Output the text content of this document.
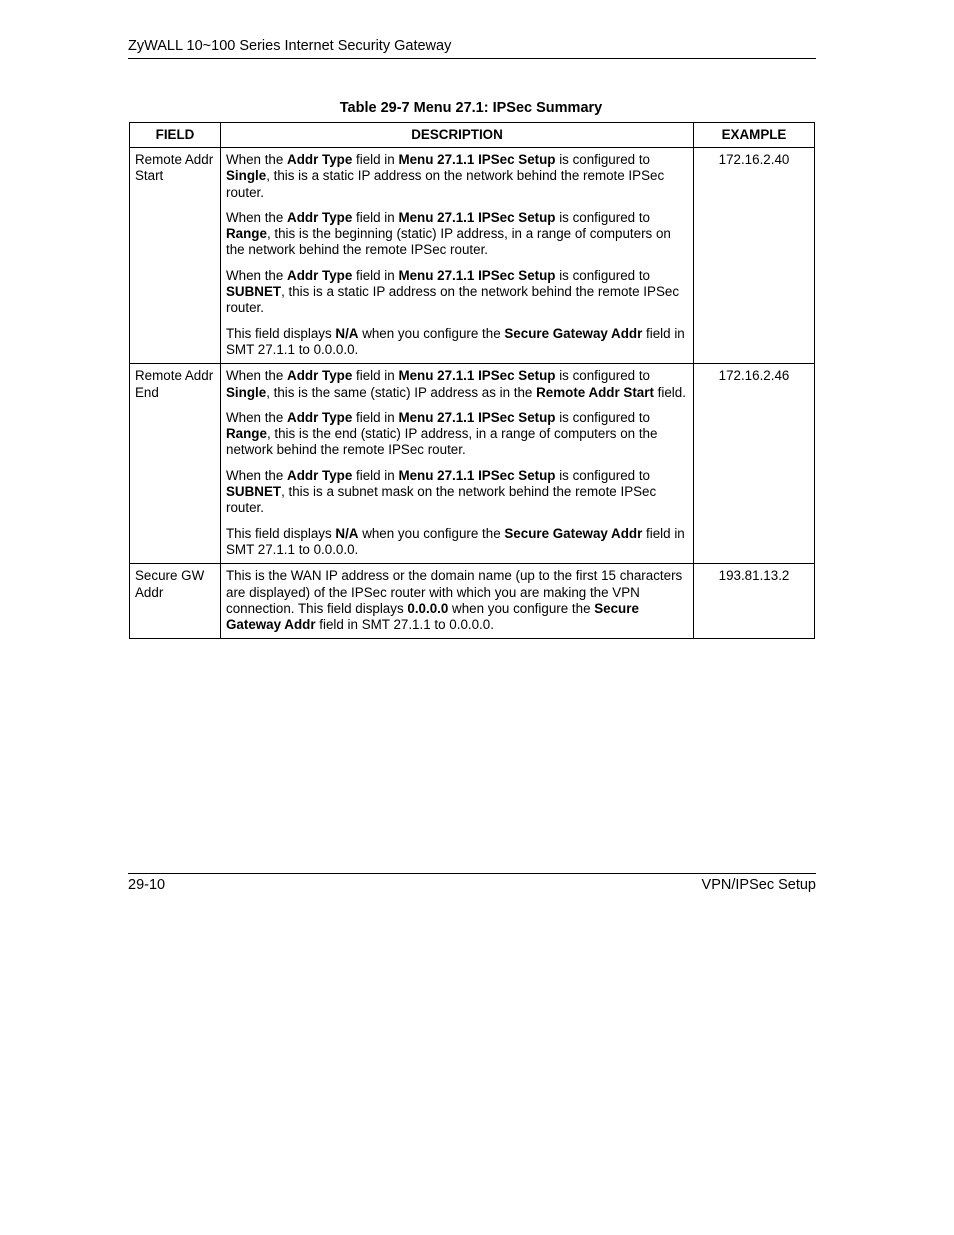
ZyWALL 10~100 Series Internet Security Gateway
Table 29-7 Menu 27.1: IPSec Summary
FIELD	DESCRIPTION	EXAMPLE
Remote Addr Start	When the Addr Type field in Menu 27.1.1 IPSec Setup is configured to Single, this is a static IP address on the network behind the remote IPSec router.

When the Addr Type field in Menu 27.1.1 IPSec Setup is configured to Range, this is the beginning (static) IP address, in a range of computers on the network behind the remote IPSec router.

When the Addr Type field in Menu 27.1.1 IPSec Setup is configured to SUBNET, this is a static IP address on the network behind the remote IPSec router.

This field displays N/A when you configure the Secure Gateway Addr field in SMT 27.1.1 to 0.0.0.0.	172.16.2.40
Remote Addr End	When the Addr Type field in Menu 27.1.1 IPSec Setup is configured to Single, this is the same (static) IP address as in the Remote Addr Start field.

When the Addr Type field in Menu 27.1.1 IPSec Setup is configured to Range, this is the end (static) IP address, in a range of computers on the network behind the remote IPSec router.

When the Addr Type field in Menu 27.1.1 IPSec Setup is configured to SUBNET, this is a subnet mask on the network behind the remote IPSec router.

This field displays N/A when you configure the Secure Gateway Addr field in SMT 27.1.1 to 0.0.0.0.	172.16.2.46
Secure GW Addr	This is the WAN IP address or the domain name (up to the first 15 characters are displayed) of the IPSec router with which you are making the VPN connection. This field displays 0.0.0.0 when you configure the Secure Gateway Addr field in SMT 27.1.1 to 0.0.0.0.	193.81.13.2
29-10	VPN/IPSec Setup
